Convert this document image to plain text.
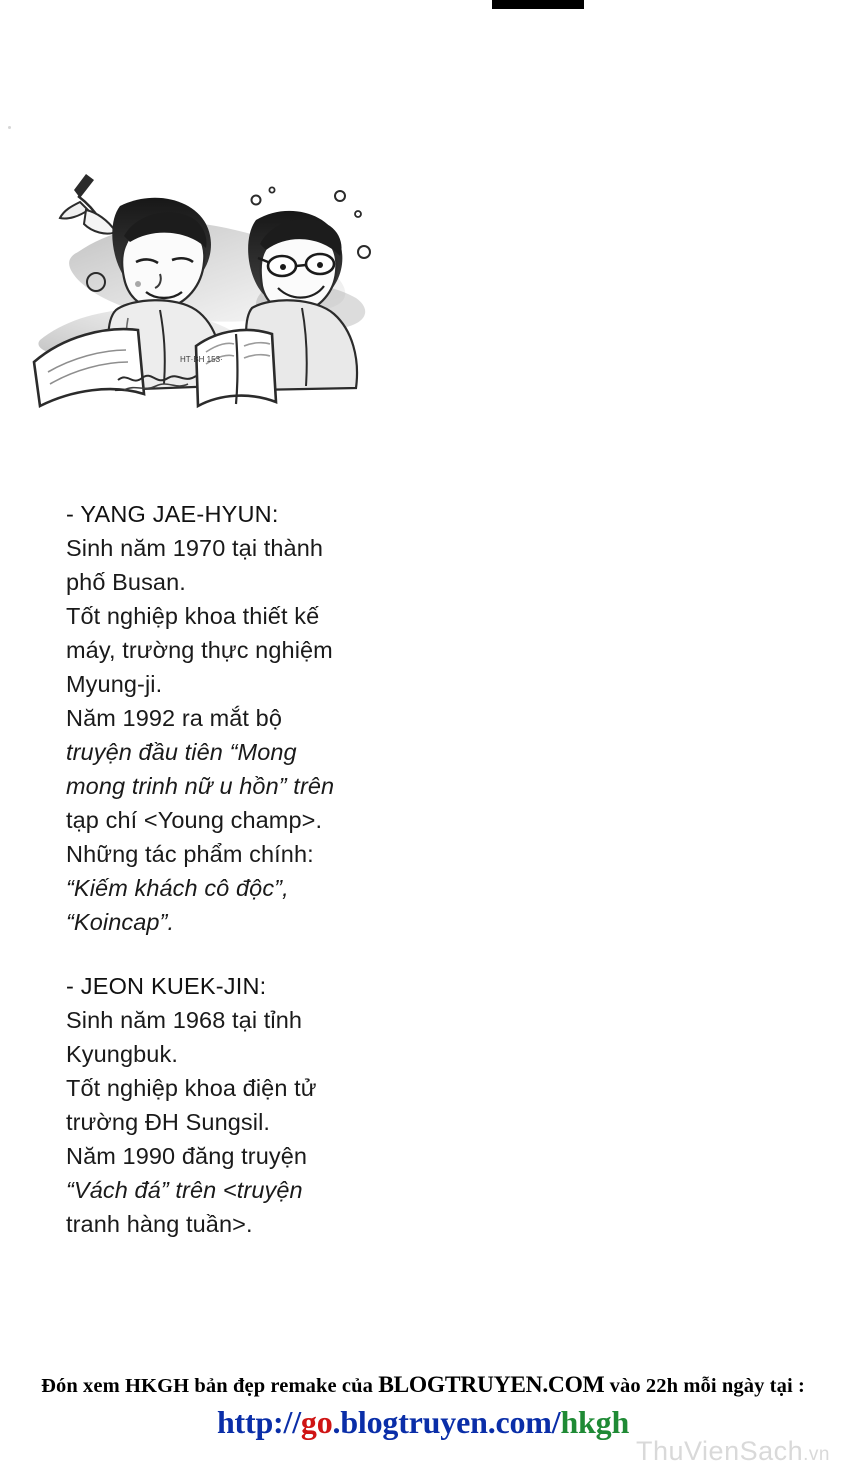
HT·BH 153·
- YANG JAE-HYUN:
Sinh năm 1970 tại thành
phố Busan.
Tốt nghiệp khoa thiết kế
máy, trường thực nghiệm
Myung-ji.
Năm 1992 ra mắt bộ
truyện đầu tiên “Mong
mong trinh nữ u hồn” trên
tạp chí <Young champ>.
Những tác phẩm chính:
“Kiếm khách cô độc”,
“Koincap”.
- JEON KUEK-JIN:
Sinh năm 1968 tại tỉnh
Kyungbuk.
Tốt nghiệp khoa điện tử
trường ĐH Sungsil.
Năm 1990 đăng truyện
“Vách đá” trên <truyện
tranh hàng tuần>.
Đón xem HKGH bản đẹp remake của BLOGTRUYEN.COM vào 22h mỗi ngày tại :
http://go.blogtruyen.com/hkgh
ThuVienSach.vn
